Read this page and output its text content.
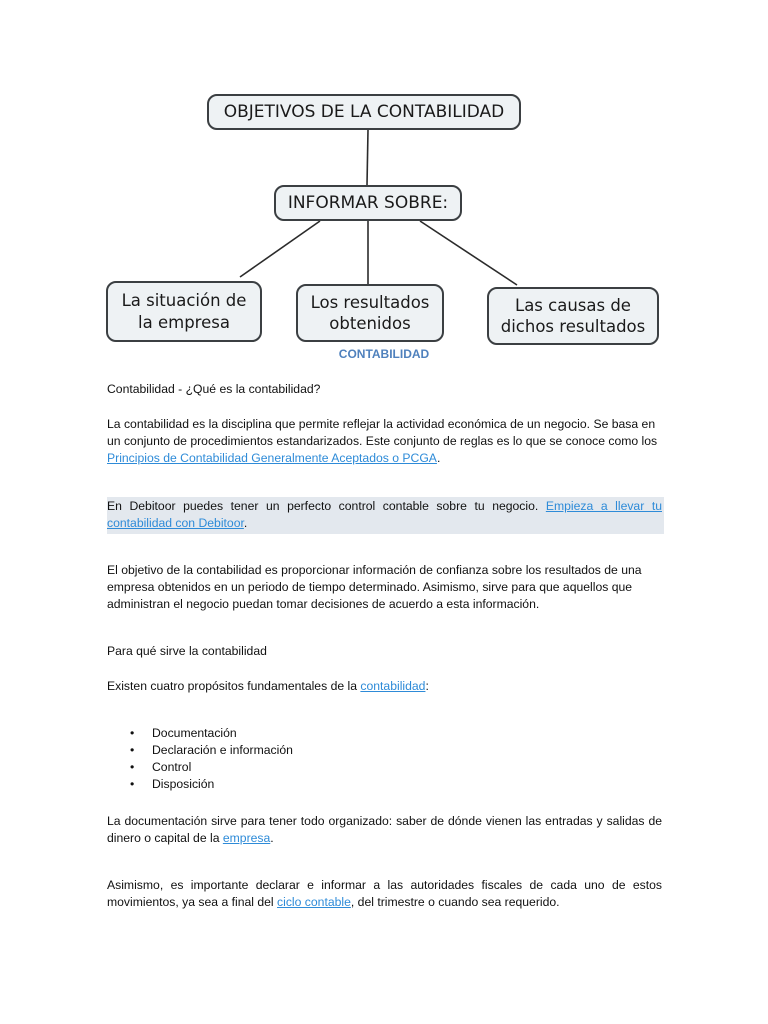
OBJETIVOS DE LA CONTABILIDAD
INFORMAR SOBRE:
La situación de
la empresa
Los resultados
obtenidos
Las causas de
dichos resultados
CONTABILIDAD
Contabilidad - ¿Qué es la contabilidad?
La contabilidad es la disciplina que permite reflejar la actividad económica de un negocio. Se basa en un conjunto de procedimientos estandarizados. Este conjunto de reglas es lo que se conoce como los Principios de Contabilidad Generalmente Aceptados o PCGA.
En Debitoor puedes tener un perfecto control contable sobre tu negocio. Empieza a llevar tu contabilidad con Debitoor.
El objetivo de la contabilidad es proporcionar información de confianza sobre los resultados de una empresa obtenidos en un periodo de tiempo determinado. Asimismo, sirve para que aquellos que administran el negocio puedan tomar decisiones de acuerdo a esta información.
Para qué sirve la contabilidad
Existen cuatro propósitos fundamentales de la contabilidad:
• Documentación
• Declaración e información
• Control
• Disposición
La documentación sirve para tener todo organizado: saber de dónde vienen las entradas y salidas de dinero o capital de la empresa.
Asimismo, es importante declarar e informar a las autoridades fiscales de cada uno de estos movimientos, ya sea a final del ciclo contable, del trimestre o cuando sea requerido.
